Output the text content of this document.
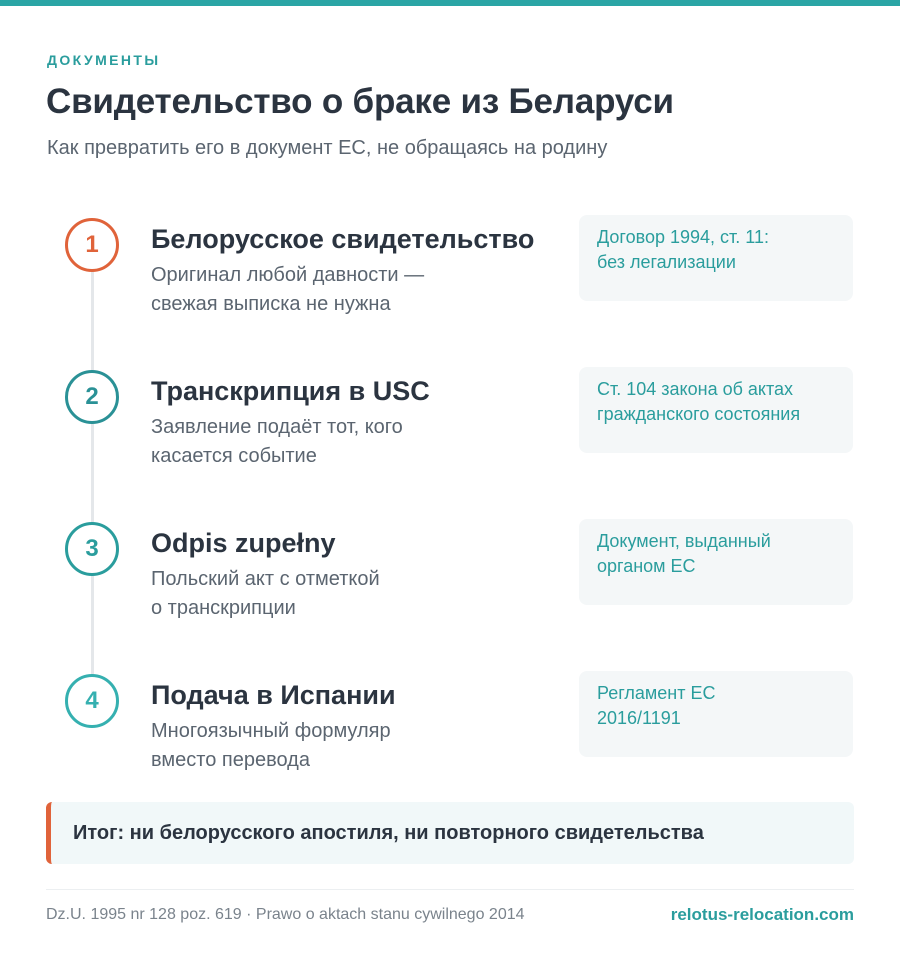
ДОКУМЕНТЫ
Свидетельство о браке из Беларуси
Как превратить его в документ ЕС, не обращаясь на родину
1	Белорусское свидетельство
Оригинал любой давности —
свежая выписка не нужна
Договор 1994, ст. 11:
без легализации
2	Транскрипция в USC
Заявление подаёт тот, кого
касается событие
Ст. 104 закона об актах
гражданского состояния
3	Odpis zupełny
Польский акт с отметкой
о транскрипции
Документ, выданный
органом ЕС
4	Подача в Испании
Многоязычный формуляр
вместо перевода
Регламент ЕС
2016/1191
Итог: ни белорусского апостиля, ни повторного свидетельства
Dz.U. 1995 nr 128 poz. 619 · Prawo o aktach stanu cywilnego 2014	relotus-relocation.com
